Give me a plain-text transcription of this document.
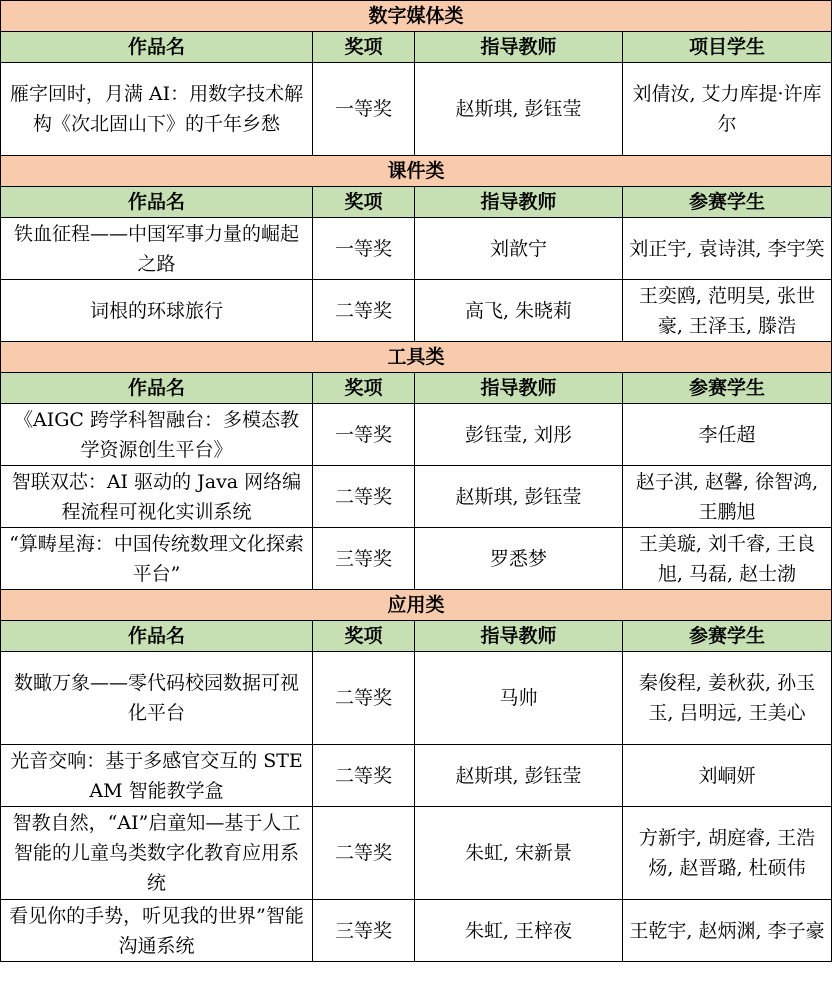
数字媒体类			
作品名	奖项	指导教师	项目学生
雁字回时，月满 AI：用数字技术解构《次北固山下》的千年乡愁	一等奖	赵斯琪, 彭钰莹	刘倩汝, 艾力库提·许库尔
课件类			
作品名	奖项	指导教师	参赛学生
铁血征程——中国军事力量的崛起之路	一等奖	刘歆宁	刘正宇, 袁诗淇, 李宇笑
词根的环球旅行	二等奖	高飞, 朱晓莉	王奕鸥, 范明昊, 张世豪, 王泽玉, 滕浩
工具类			
作品名	奖项	指导教师	参赛学生
《AIGC 跨学科智融台：多模态教学资源创生平台》	一等奖	彭钰莹, 刘彤	李任超
智联双芯：AI 驱动的 Java 网络编程流程可视化实训系统	二等奖	赵斯琪, 彭钰莹	赵子淇, 赵馨, 徐智鸿, 王鹏旭
“算畴星海：中国传统数理文化探索平台”	三等奖	罗悉梦	王美璇, 刘千睿, 王良旭, 马磊, 赵士渤
应用类			
作品名	奖项	指导教师	参赛学生
数瞰万象——零代码校园数据可视化平台	二等奖	马帅	秦俊程, 姜秋荻, 孙玉玉, 吕明远, 王美心
光音交响：基于多感官交互的 STEAM 智能教学盒	二等奖	赵斯琪, 彭钰莹	刘峒妍
智教自然，“AI”启童知—基于人工智能的儿童鸟类数字化教育应用系统	二等奖	朱虹, 宋新景	方新宇, 胡庭睿, 王浩炀, 赵晋璐, 杜硕伟
看见你的手势，听见我的世界”智能沟通系统	三等奖	朱虹, 王梓夜	王乾宇, 赵炳渊, 李子豪
